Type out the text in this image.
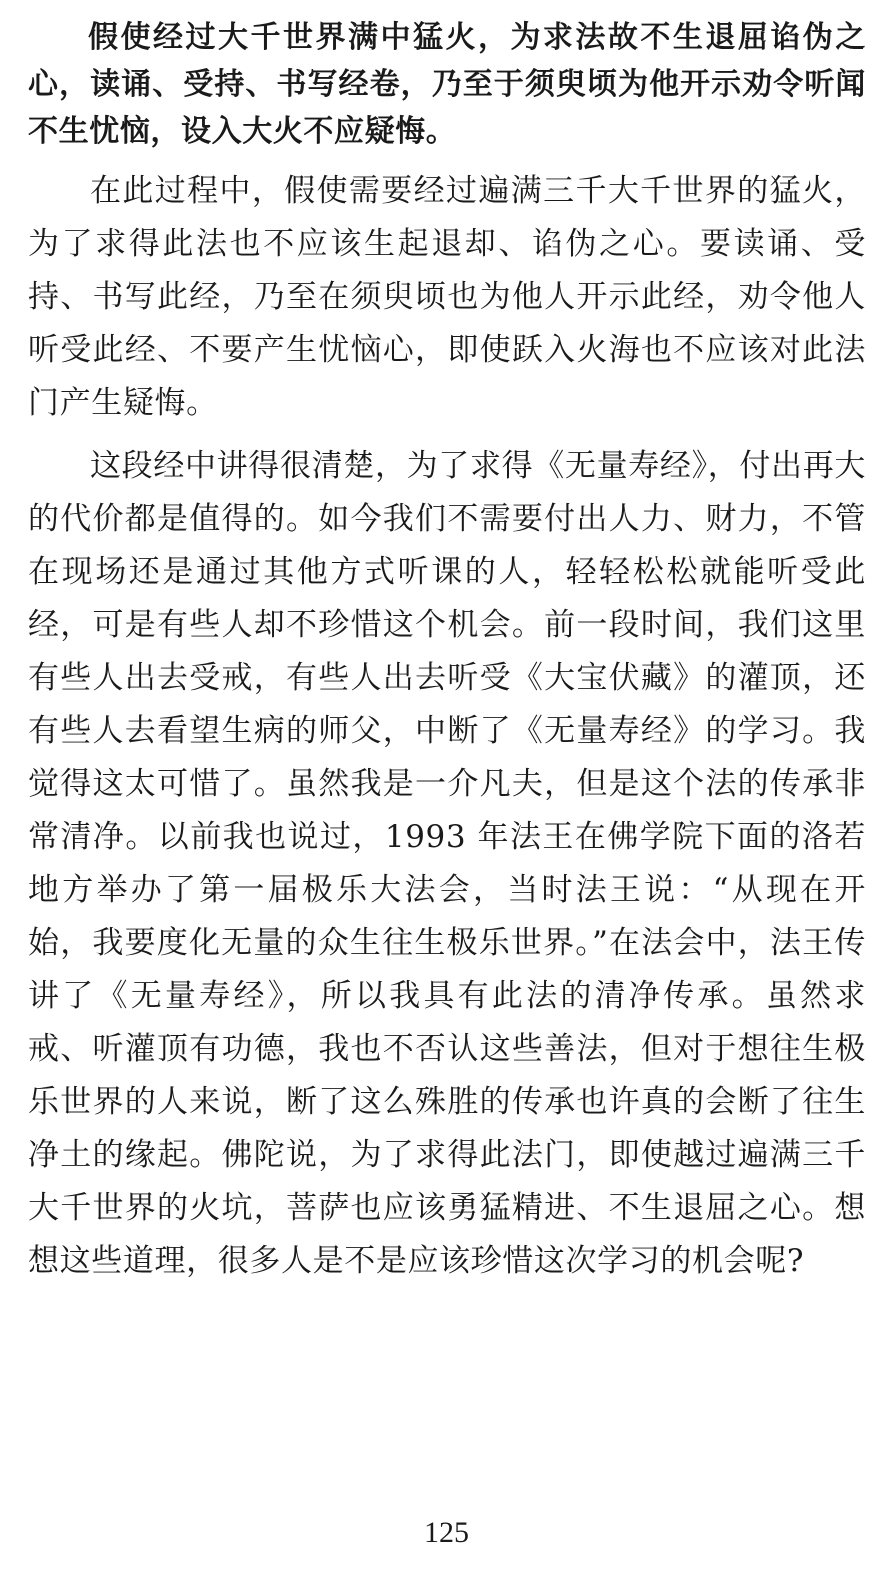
假使经过大千世界满中猛火，为求法故不生退屈谄伪之心，读诵、受持、书写经卷，乃至于须臾顷为他开示劝令听闻不生忧恼，设入大火不应疑悔。

在此过程中，假使需要经过遍满三千大千世界的猛火，为了求得此法也不应该生起退却、谄伪之心。要读诵、受持、书写此经，乃至在须臾顷也为他人开示此经，劝令他人听受此经、不要产生忧恼心，即使跃入火海也不应该对此法门产生疑悔。

这段经中讲得很清楚，为了求得《无量寿经》，付出再大的代价都是值得的。如今我们不需要付出人力、财力，不管在现场还是通过其他方式听课的人，轻轻松松就能听受此经，可是有些人却不珍惜这个机会。前一段时间，我们这里有些人出去受戒，有些人出去听受《大宝伏藏》的灌顶，还有些人去看望生病的师父，中断了《无量寿经》的学习。我觉得这太可惜了。虽然我是一介凡夫，但是这个法的传承非常清净。以前我也说过，1993 年法王在佛学院下面的洛若地方举办了第一届极乐大法会，当时法王说：“从现在开始，我要度化无量的众生往生极乐世界。”在法会中，法王传讲了《无量寿经》，所以我具有此法的清净传承。虽然求戒、听灌顶有功德，我也不否认这些善法，但对于想往生极乐世界的人来说，断了这么殊胜的传承也许真的会断了往生净土的缘起。佛陀说，为了求得此法门，即使越过遍满三千大千世界的火坑，菩萨也应该勇猛精进、不生退屈之心。想想这些道理，很多人是不是应该珍惜这次学习的机会呢?

125
